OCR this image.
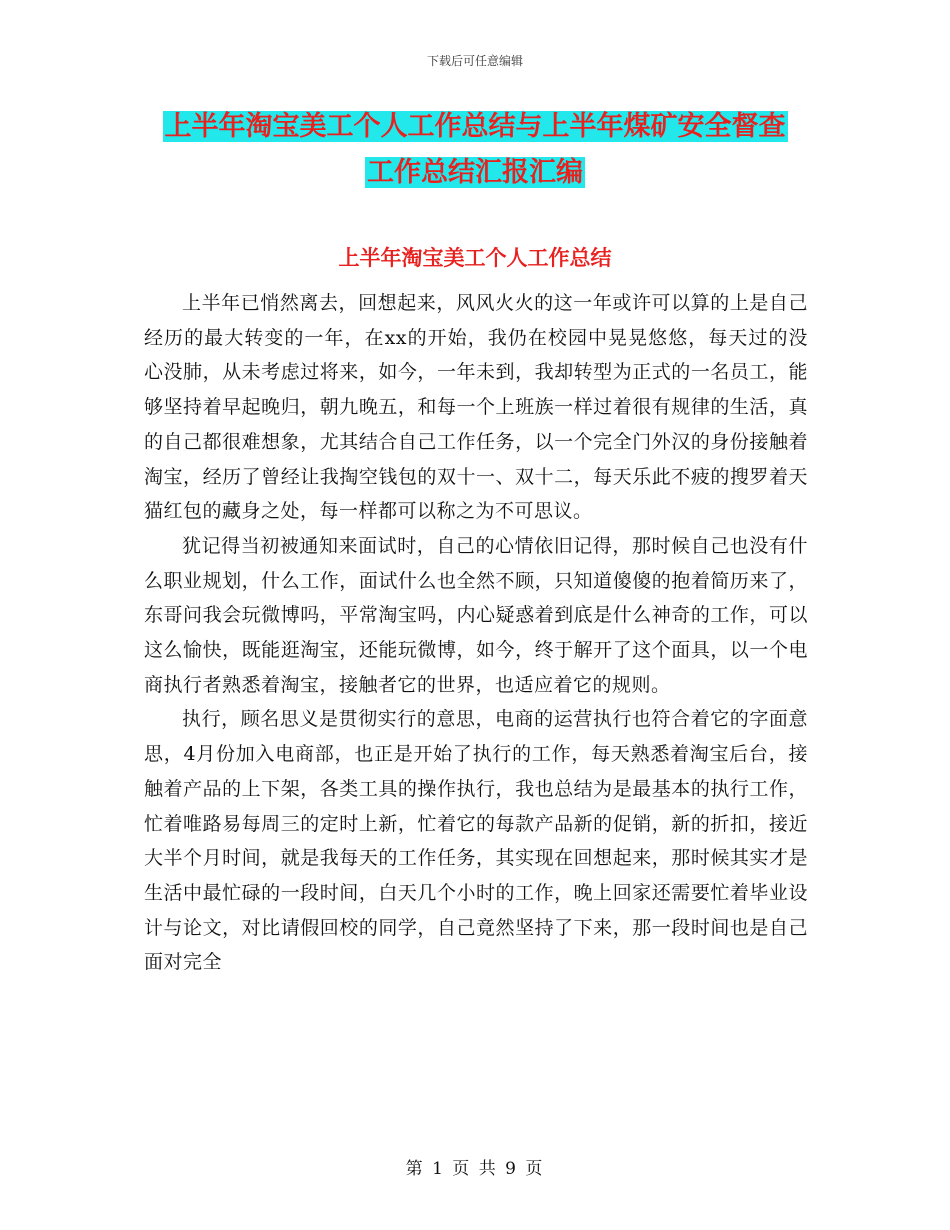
下载后可任意编辑
上半年淘宝美工个人工作总结与上半年煤矿安全督查
工作总结汇报汇编
上半年淘宝美工个人工作总结

上半年已悄然离去，回想起来，风风火火的这一年或许可以算的上是自己经历的最大转变的一年，在xx的开始，我仍在校园中晃晃悠悠，每天过的没心没肺，从未考虑过将来，如今，一年未到，我却转型为正式的一名员工，能够坚持着早起晚归，朝九晚五，和每一个上班族一样过着很有规律的生活，真的自己都很难想象，尤其结合自己工作任务，以一个完全门外汉的身份接触着淘宝，经历了曾经让我掏空钱包的双十一、双十二，每天乐此不疲的搜罗着天猫红包的藏身之处，每一样都可以称之为不可思议。

犹记得当初被通知来面试时，自己的心情依旧记得，那时候自己也没有什么职业规划，什么工作，面试什么也全然不顾，只知道傻傻的抱着简历来了，东哥问我会玩微博吗，平常淘宝吗，内心疑惑着到底是什么神奇的工作，可以这么愉快，既能逛淘宝，还能玩微博，如今，终于解开了这个面具，以一个电商执行者熟悉着淘宝，接触者它的世界，也适应着它的规则。

执行，顾名思义是贯彻实行的意思，电商的运营执行也符合着它的字面意思，4月份加入电商部，也正是开始了执行的工作，每天熟悉着淘宝后台，接触着产品的上下架，各类工具的操作执行，我也总结为是最基本的执行工作，忙着唯路易每周三的定时上新，忙着它的每款产品新的促销，新的折扣，接近大半个月时间，就是我每天的工作任务，其实现在回想起来，那时候其实才是生活中最忙碌的一段时间，白天几个小时的工作，晚上回家还需要忙着毕业设计与论文，对比请假回校的同学，自己竟然坚持了下来，那一段时间也是自己面对完全

第 1 页 共 9 页
